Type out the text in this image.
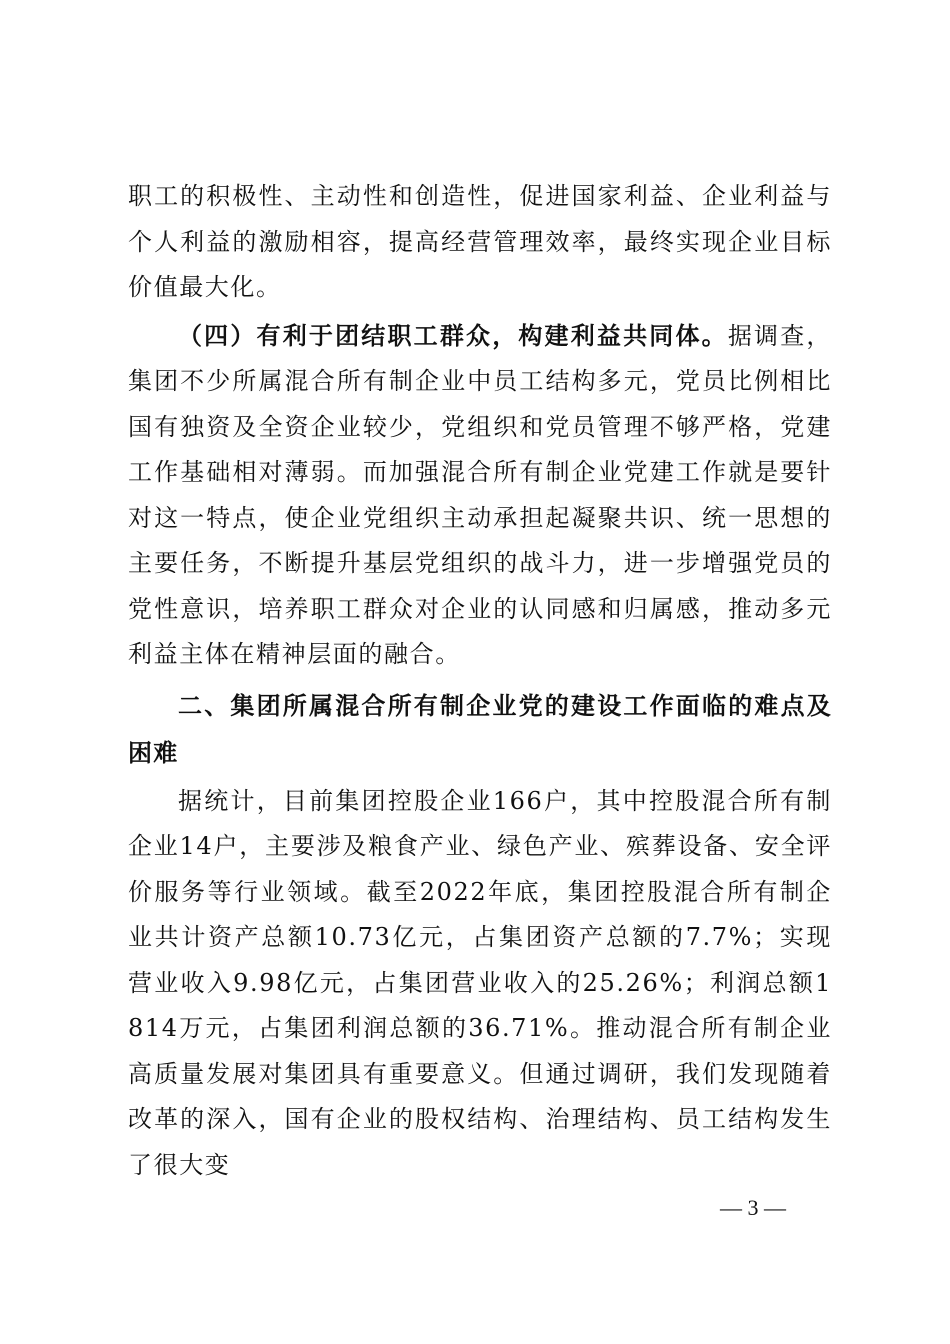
职工的积极性、主动性和创造性，促进国家利益、企业利益与个人利益的激励相容，提高经营管理效率，最终实现企业目标价值最大化。

（四）有利于团结职工群众，构建利益共同体。据调查，集团不少所属混合所有制企业中员工结构多元，党员比例相比国有独资及全资企业较少，党组织和党员管理不够严格，党建工作基础相对薄弱。而加强混合所有制企业党建工作就是要针对这一特点，使企业党组织主动承担起凝聚共识、统一思想的主要任务，不断提升基层党组织的战斗力，进一步增强党员的党性意识，培养职工群众对企业的认同感和归属感，推动多元利益主体在精神层面的融合。

二、集团所属混合所有制企业党的建设工作面临的难点及困难

据统计，目前集团控股企业166户，其中控股混合所有制企业14户，主要涉及粮食产业、绿色产业、殡葬设备、安全评价服务等行业领域。截至2022年底，集团控股混合所有制企业共计资产总额10.73亿元，占集团资产总额的7.7%；实现营业收入9.98亿元，占集团营业收入的25.26%；利润总额1814万元，占集团利润总额的36.71%。推动混合所有制企业高质量发展对集团具有重要意义。但通过调研，我们发现随着改革的深入，国有企业的股权结构、治理结构、员工结构发生了很大变

— 3 —
